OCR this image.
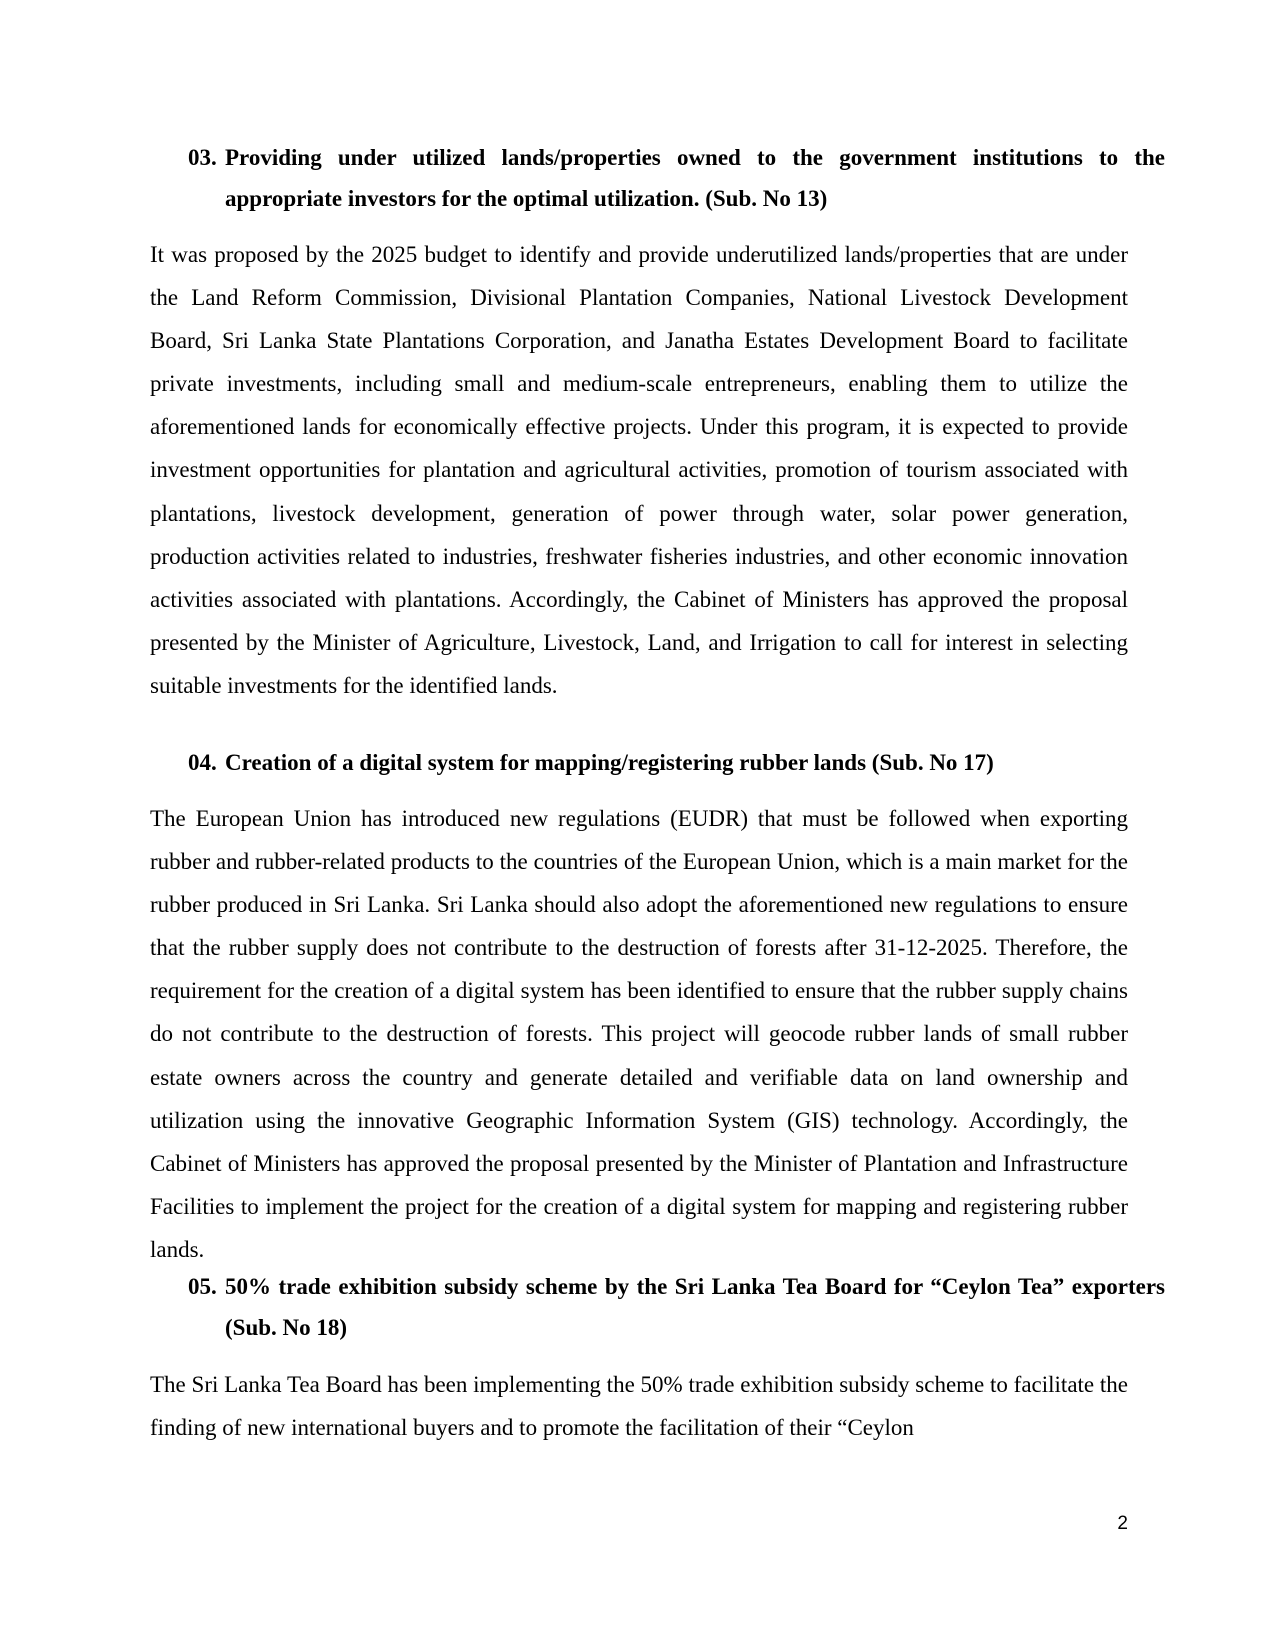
03. Providing under utilized lands/properties owned to the government institutions to the appropriate investors for the optimal utilization. (Sub. No 13)

It was proposed by the 2025 budget to identify and provide underutilized lands/properties that are under the Land Reform Commission, Divisional Plantation Companies, National Livestock Development Board, Sri Lanka State Plantations Corporation, and Janatha Estates Development Board to facilitate private investments, including small and medium-scale entrepreneurs, enabling them to utilize the aforementioned lands for economically effective projects. Under this program, it is expected to provide investment opportunities for plantation and agricultural activities, promotion of tourism associated with plantations, livestock development, generation of power through water, solar power generation, production activities related to industries, freshwater fisheries industries, and other economic innovation activities associated with plantations. Accordingly, the Cabinet of Ministers has approved the proposal presented by the Minister of Agriculture, Livestock, Land, and Irrigation to call for interest in selecting suitable investments for the identified lands.

04. Creation of a digital system for mapping/registering rubber lands (Sub. No 17)

The European Union has introduced new regulations (EUDR) that must be followed when exporting rubber and rubber-related products to the countries of the European Union, which is a main market for the rubber produced in Sri Lanka. Sri Lanka should also adopt the aforementioned new regulations to ensure that the rubber supply does not contribute to the destruction of forests after 31-12-2025. Therefore, the requirement for the creation of a digital system has been identified to ensure that the rubber supply chains do not contribute to the destruction of forests. This project will geocode rubber lands of small rubber estate owners across the country and generate detailed and verifiable data on land ownership and utilization using the innovative Geographic Information System (GIS) technology. Accordingly, the Cabinet of Ministers has approved the proposal presented by the Minister of Plantation and Infrastructure Facilities to implement the project for the creation of a digital system for mapping and registering rubber lands.

05. 50% trade exhibition subsidy scheme by the Sri Lanka Tea Board for “Ceylon Tea” exporters (Sub. No 18)

The Sri Lanka Tea Board has been implementing the 50% trade exhibition subsidy scheme to facilitate the finding of new international buyers and to promote the facilitation of their “Ceylon

2
